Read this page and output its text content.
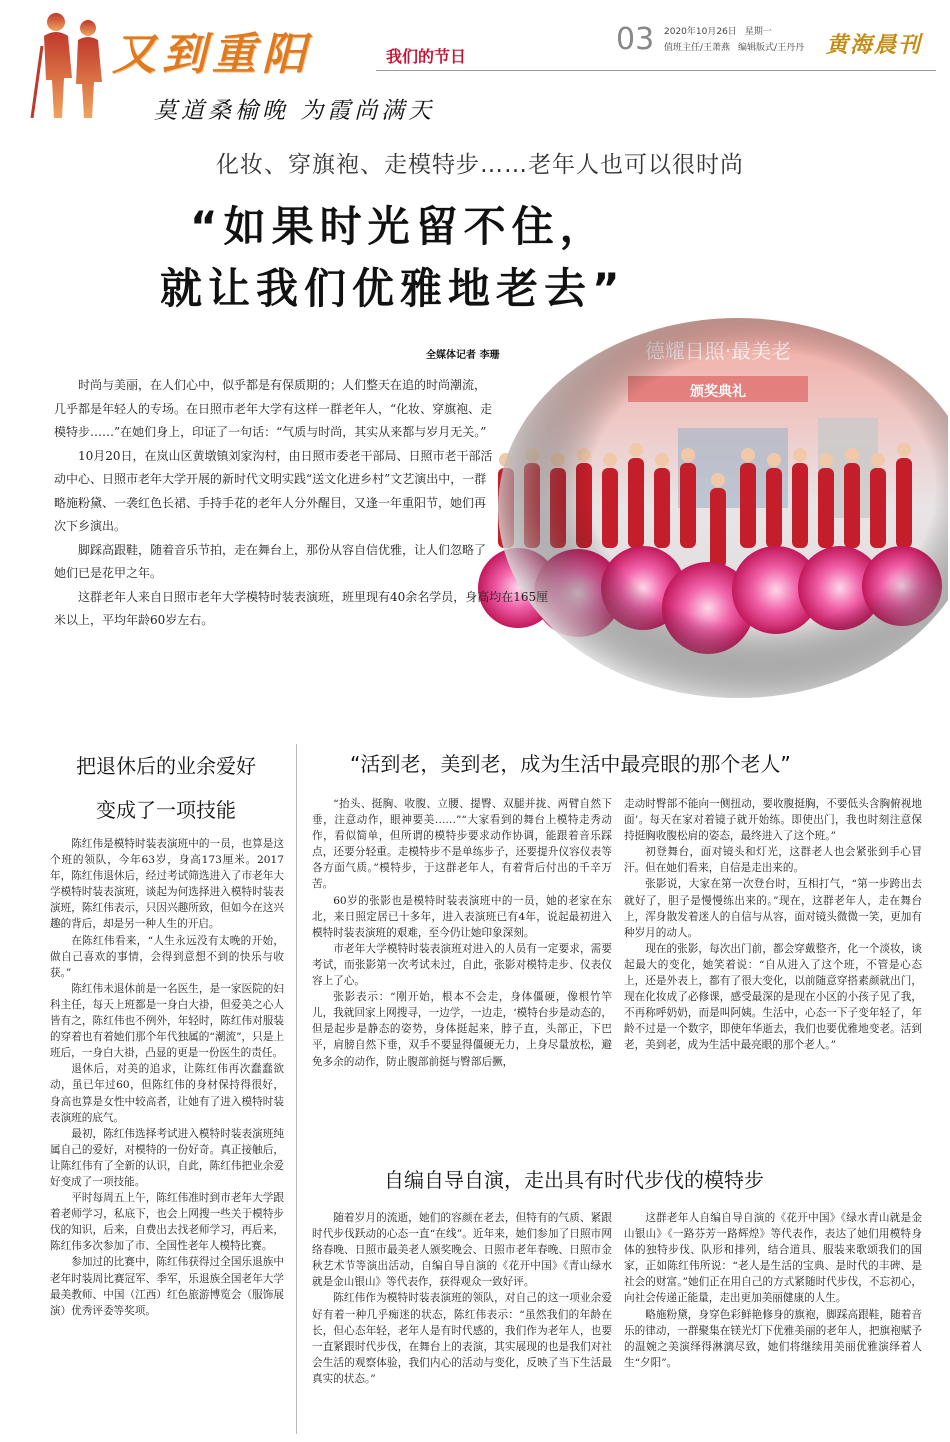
又到重阳	我们的节日	03 2020年10月26日 星期一
值班主任/王萧燕 编辑版式/王丹丹 黄海晨刊
莫道桑榆晚 为霞尚满天
化妆、穿旗袍、走模特步……老年人也可以很时尚
“如果时光留不住，
就让我们优雅地老去”
全媒体记者 李珊

时尚与美丽，在人们心中，似乎都是有保质期的；人们整天在追的时尚潮流，几乎都是年轻人的专场。在日照市老年大学有这样一群老年人，“化妆、穿旗袍、走模特步……”在她们身上，印证了一句话：“气质与时尚，其实从来都与岁月无关。”

10月20日，在岚山区黄墩镇刘家沟村，由日照市委老干部局、日照市老干部活动中心、日照市老年大学开展的新时代文明实践“送文化进乡村”文艺演出中，一群略施粉黛、一袭红色长裙、手持手花的老年人分外醒目，又逢一年重阳节，她们再次下乡演出。

脚踩高跟鞋，随着音乐节拍，走在舞台上，那份从容自信优雅，让人们忽略了她们已是花甲之年。

这群老年人来自日照市老年大学模特时装表演班，班里现有40余名学员，身高均在165厘米以上，平均年龄60岁左右。

把退休后的业余爱好
变成了一项技能

陈红伟是模特时装表演班中的一员，也算是这个班的领队，今年63岁，身高173厘米。2017年，陈红伟退休后，经过考试筛选进入了市老年大学模特时装表演班，谈起为何选择进入模特时装表演班，陈红伟表示，只因兴趣所致，但如今在这兴趣的背后，却是另一种人生的开启。

在陈红伟看来，“人生永远没有太晚的开始，做自己喜欢的事情，会得到意想不到的快乐与收获。”

陈红伟未退休前是一名医生，是一家医院的妇科主任，每天上班都是一身白大褂，但爱美之心人皆有之，陈红伟也不例外，年轻时，陈红伟对服装的穿着也有着她们那个年代独属的“潮流”，只是上班后，一身白大褂，凸显的更是一份医生的责任。

退休后，对美的追求，让陈红伟再次蠢蠢欲动，虽已年过60，但陈红伟的身材保持得很好，身高也算是女性中较高者，让她有了进入模特时装表演班的底气。

最初，陈红伟选择考试进入模特时装表演班纯属自己的爱好，对模特的一份好奇。真正接触后，让陈红伟有了全新的认识，自此，陈红伟把业余爱好变成了一项技能。

平时每周五上午，陈红伟准时到市老年大学跟着老师学习，私底下，也会上网搜一些关于模特步伐的知识，后来，自费出去找老师学习，再后来，陈红伟多次参加了市、全国性老年人模特比赛。

参加过的比赛中，陈红伟获得过全国乐退族中老年时装周比赛冠军、季军，乐退族全国老年大学最美教师、中国（江西）红色旅游博览会（服饰展演）优秀评委等奖项。

“活到老，美到老，成为生活中最亮眼的那个老人”

“抬头、挺胸、收腹、立腰、提臀、双腿并拢、两臂自然下垂，注意动作，眼神要美……”“大家看到的舞台上模特走秀动作，看似简单，但所谓的模特步要求动作协调，能跟着音乐踩点，还要分轻重。走模特步不是单练步子，还要提升仪容仪表等各方面气质。”模特步，于这群老年人，有着背后付出的千辛万苦。

60岁的张影也是模特时装表演班中的一员，她的老家在东北，来日照定居已十多年，进入表演班已有4年，说起最初进入模特时装表演班的艰难，至今仍让她印象深刻。

市老年大学模特时装表演班对进入的人员有一定要求，需要考试，而张影第一次考试未过，自此，张影对模特走步、仪表仪容上了心。

张影表示：“刚开始，根本不会走，身体僵硬，像根竹竿儿，我就回家上网搜寻，一边学，一边走，‘模特台步是动态的，但是起步是静态的姿势，身体挺起来，脖子直，头部正，下巴平，肩膀自然下垂，双手不要显得僵硬无力，上身尽量放松，避免多余的动作，防止腹部前挺与臀部后撅，

走动时臀部不能向一侧扭动，要收腹挺胸，不要低头含胸俯视地面’。每天在家对着镜子就开始练。即使出门，我也时刻注意保持挺胸收腹松肩的姿态，最终进入了这个班。”

初登舞台，面对镜头和灯光，这群老人也会紧张到手心冒汗。但在她们看来，自信是走出来的。

张影说，大家在第一次登台时，互相打气，“第一步跨出去就好了，胆子是慢慢练出来的。”现在，这群老年人，走在舞台上，浑身散发着迷人的自信与从容，面对镜头微微一笑，更加有种岁月的动人。

现在的张影，每次出门前，都会穿戴整齐，化一个淡妆，谈起最大的变化，她笑着说：“自从进入了这个班，不管是心态上，还是外表上，都有了很大变化，以前随意穿搭素颜就出门，现在化妆成了必修课，感受最深的是现在小区的小孩子见了我，不再称呼奶奶，而是叫阿姨。生活中，心态一下子变年轻了，年龄不过是一个数字，即使年华逝去，我们也要优雅地变老。活到老，美到老，成为生活中最亮眼的那个老人。”

自编自导自演，走出具有时代步伐的模特步

随着岁月的流逝，她们的容颜在老去，但特有的气质、紧跟时代步伐跃动的心态一直“在线”。近年来，她们参加了日照市网络春晚、日照市最美老人颁奖晚会、日照市老年春晚、日照市金秋艺术节等演出活动，自编自导自演的《花开中国》《青山绿水就是金山银山》等代表作，获得观众一致好评。

陈红伟作为模特时装表演班的领队，对自己的这一项业余爱好有着一种几乎痴迷的状态，陈红伟表示：“虽然我们的年龄在长，但心态年轻，老年人是有时代感的，我们作为老年人，也要一直紧跟时代步伐，在舞台上的表演，其实展现的也是我们对社会生活的观察体验，我们内心的活动与变化，反映了当下生活最真实的状态。”

这群老年人自编自导自演的《花开中国》《绿水青山就是金山银山》《一路芬芳一路辉煌》等代表作，表达了她们用模特身体的独特步伐、队形和排列，结合道具、服装来歌颂我们的国家，正如陈红伟所说：“老人是生活的宝典、是时代的丰碑、是社会的财富。”她们正在用自己的方式紧随时代步伐，不忘初心，向社会传递正能量，走出更加美丽健康的人生。

略施粉黛，身穿色彩鲜艳修身的旗袍，脚踩高跟鞋，随着音乐的律动，一群聚集在镁光灯下优雅美丽的老年人，把旗袍赋予的温婉之美演绎得淋漓尽致，她们将继续用美丽优雅演绎着人生“夕阳”。
